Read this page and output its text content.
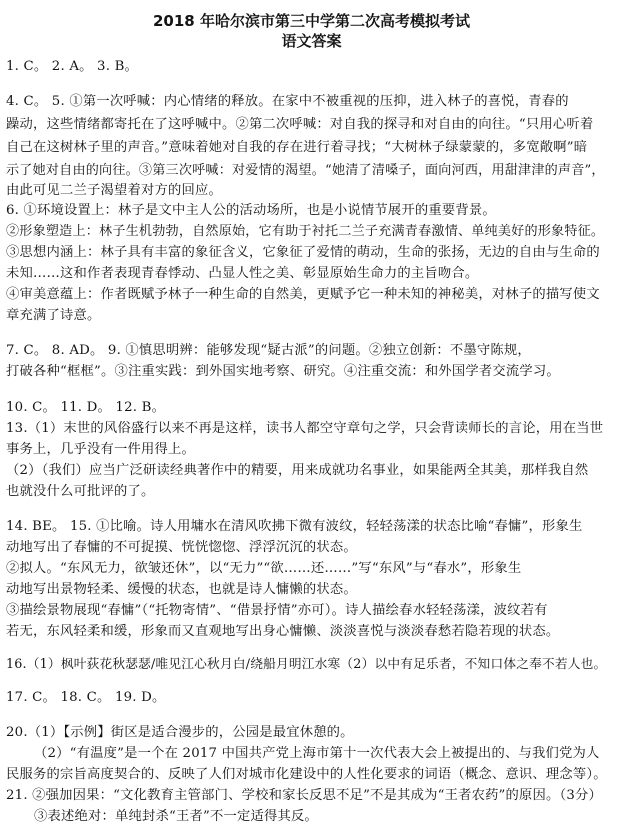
2018 年哈尔滨市第三中学第二次高考模拟考试
语文答案
1. C。 2. A。 3. B。
4. C。 5. ①第一次呼喊：内心情绪的释放。在家中不被重视的压抑，进入林子的喜悦，青春的
躁动，这些情绪都寄托在了这呼喊中。②第二次呼喊：对自我的探寻和对自由的向往。“只用心听着
自己在这树林子里的声音。”意味着她对自我的存在进行着寻找；“大树林子绿蒙蒙的，多宽敞啊”暗
示了她对自由的向往。③第三次呼喊：对爱情的渴望。“她清了清嗓子，面向河西，用甜津津的声音”，
由此可见二兰子渴望着对方的回应。
6. ①环境设置上：林子是文中主人公的活动场所，也是小说情节展开的重要背景。
②形象塑造上：林子生机勃勃，自然原始，它有助于衬托二兰子充满青春激情、单纯美好的形象特征。
③思想内涵上：林子具有丰富的象征含义，它象征了爱情的萌动，生命的张扬，无边的自由与生命的
未知……这和作者表现青春悸动、凸显人性之美、彰显原始生命力的主旨吻合。
④审美意蕴上：作者既赋予林子一种生命的自然美，更赋予它一种未知的神秘美，对林子的描写使文
章充满了诗意。
7. C。 8. AD。 9. ①慎思明辨：能够发现“疑古派”的问题。②独立创新：不墨守陈规，
打破各种“框框”。③注重实践：到外国实地考察、研究。④注重交流：和外国学者交流学习。
10. C。 11. D。 12. B。
13.（1）末世的风俗盛行以来不再是这样，读书人都空守章句之学，只会背读师长的言论，用在当世
事务上，几乎没有一件用得上。
（2）（我们）应当广泛研读经典著作中的精要，用来成就功名事业，如果能两全其美，那样我自然
也就没什么可批评的了。
14. BE。 15. ①比喻。诗人用墉水在清风吹拂下微有波纹，轻轻荡漾的状态比喻“春慵”，形象生
动地写出了春慵的不可捉摸、恍恍惚惚、浮浮沉沉的状态。
②拟人。“东风无力，欲皱还休”，以“无力”“欲……还……”写“东风”与“春水”，形象生
动地写出景物轻柔、缓慢的状态，也就是诗人慵懒的状态。
③描绘景物展现“春慵”（“托物寄情”、“借景抒情”亦可）。诗人描绘春水轻轻荡漾，波纹若有
若无，东风轻柔和缓，形象而又直观地写出身心慵懒、淡淡喜悦与淡淡春愁若隐若现的状态。
16.（1）枫叶荻花秋瑟瑟/唯见江心秋月白/绕船月明江水寒（2）以中有足乐者，不知口体之奉不若人也。
17. C。 18. C。 19. D。
20.（1）【示例】街区是适合漫步的，公园是最宜休憩的。
（2）“有温度”是一个在 2017 中国共产党上海市第十一次代表大会上被提出的、与我们党为人
民服务的宗旨高度契合的、反映了人们对城市化建设中的人性化要求的词语（概念、意识、理念等）。
21. ②强加因果：“文化教育主管部门、学校和家长反思不足”不是其成为“王者农药”的原因。（3分）
③表述绝对：单纯封杀“王者”不一定适得其反。
